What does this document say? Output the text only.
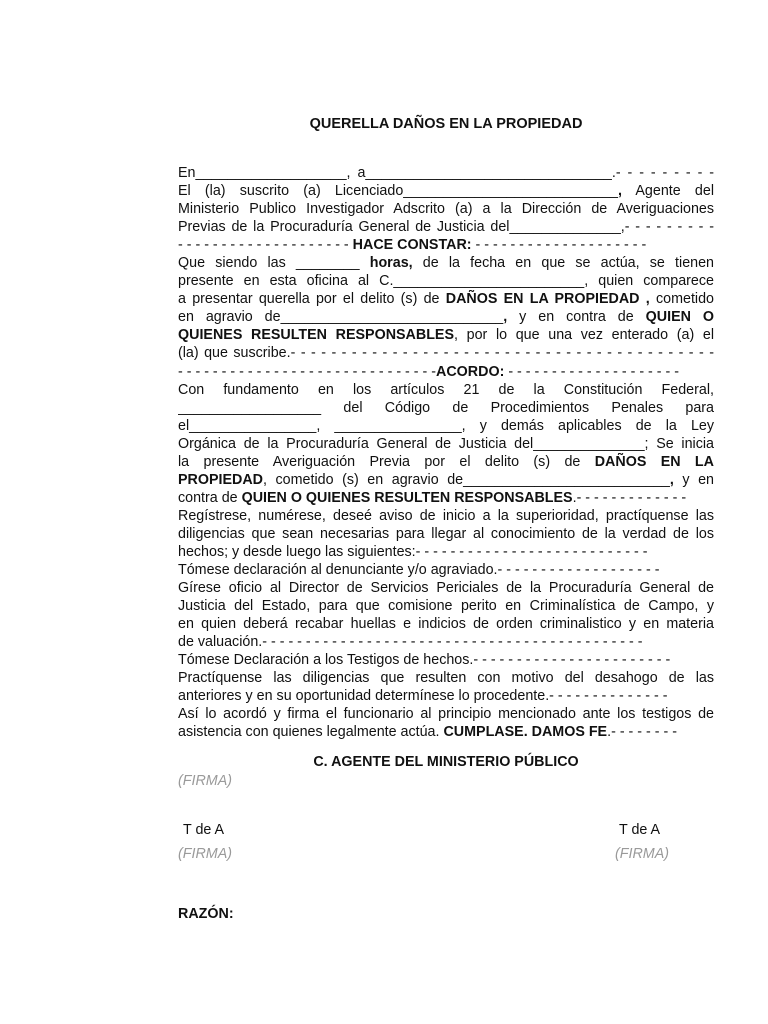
QUERELLA DAÑOS EN LA PROPIEDAD
En___________________, a_______________________________.- - - - - - - - -
El (la) suscrito (a) Licenciado___________________________, Agente del
Ministerio Publico Investigador Adscrito (a) a la Dirección de Averiguaciones
Previas de la Procuraduría General de Justicia del______________,- - - - - - - - -
- - - - - - - - - - - - - - - - - - - - HACE CONSTAR: - - - - - - - - - - - - - - - - - - - -
Que siendo las ________ horas, de la fecha en que se actúa, se tienen
presente en esta oficina al C.________________________, quien comparece
a presentar querella por el delito (s) de DAÑOS EN LA PROPIEDAD , cometido
en agravio de____________________________, y en contra de QUIEN O
QUIENES RESULTEN RESPONSABLES, por lo que una vez enterado (a) el
(la) que suscribe.- - - - - - - - - - - - - - - - - - - - - - - - - - - - - - - - - - - - - - - - - -
- - - - - - - - - - - - - - - - - - - - - - - - - - - - - -ACORDO: - - - - - - - - - - - - - - - - - - - -
Con fundamento en los artículos 21 de la Constitución Federal,
__________________ del Código de Procedimientos Penales para
el________________, ________________, y demás aplicables de la Ley
Orgánica de la Procuraduría General de Justicia del______________; Se inicia
la presente Averiguación Previa por el delito (s) de DAÑOS EN LA
PROPIEDAD, cometido (s) en agravio de__________________________, y en
contra de QUIEN O QUIENES RESULTEN RESPONSABLES.- - - - - - - - - - - - -
Regístrese, numérese, deseé aviso de inicio a la superioridad, practíquense las
diligencias que sean necesarias para llegar al conocimiento de la verdad de los
hechos; y desde luego las siguientes:- - - - - - - - - - - - - - - - - - - - - - - - - - -
Tómese declaración al denunciante y/o agraviado.- - - - - - - - - - - - - - - - - - -
Gírese oficio al Director de Servicios Periciales de la Procuraduría General de
Justicia del Estado, para que comisione perito en Criminalística de Campo, y
en quien deberá recabar huellas e indicios de orden criminalistico y en materia
de valuación.- - - - - - - - - - - - - - - - - - - - - - - - - - - - - - - - - - - - - - - - - - - -
Tómese Declaración a los Testigos de hechos.- - - - - - - - - - - - - - - - - - - - - - -
Practíquense las diligencias que resulten con motivo del desahogo de las
anteriores y en su oportunidad determínese lo procedente.- - - - - - - - - - - - - -
Así lo acordó y firma el funcionario al principio mencionado ante los testigos de
asistencia con quienes legalmente actúa. CUMPLASE. DAMOS FE.- - - - - - - -
C. AGENTE DEL MINISTERIO PÚBLICO
(FIRMA)
T de A
(FIRMA)
T de A
(FIRMA)
RAZÓN:
